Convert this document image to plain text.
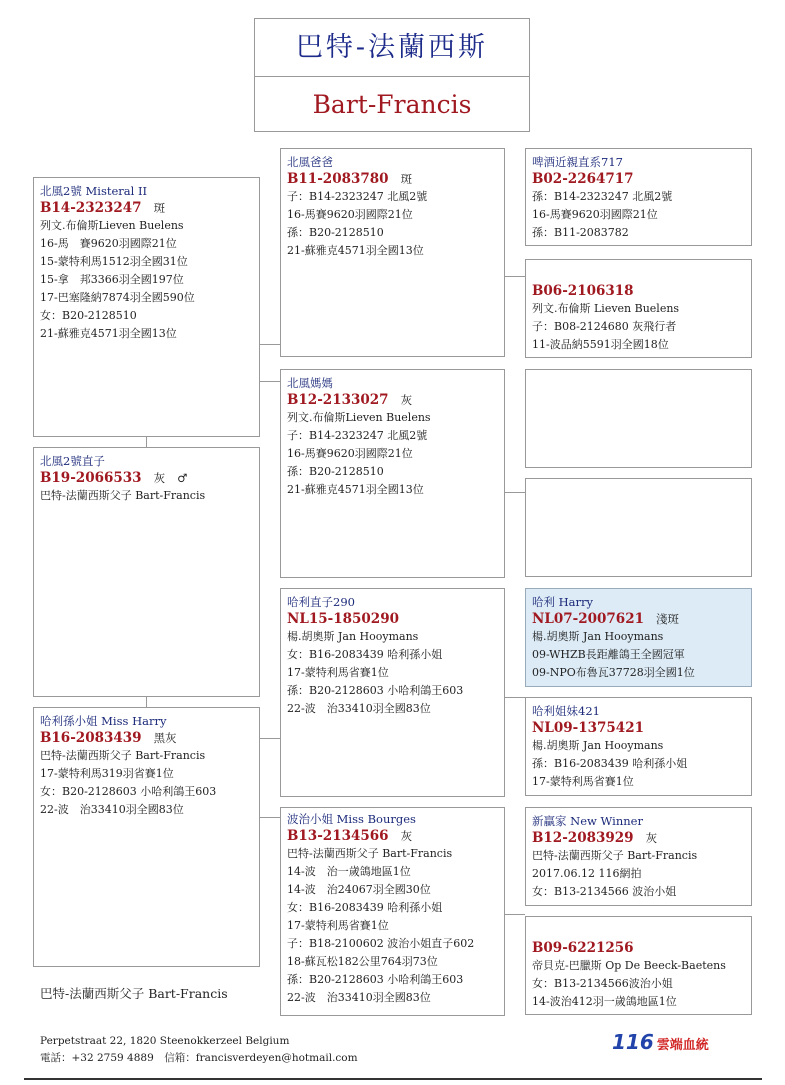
巴特-法蘭西斯
Bart-Francis
北風2號 Misteral II
B14-2323247 斑
列文.布倫斯Lieven Buelens
16-馬　賽9620羽國際21位
15-蒙特利馬1512羽全國31位
15-拿　邦3366羽全國197位
17-巴塞隆納7874羽全國590位
女：B20-2128510
21-蘇雅克4571羽全國13位
北風2號直子
B19-2066533 灰 ♂
巴特-法蘭西斯父子 Bart-Francis
哈利孫小姐 Miss Harry
B16-2083439 黑灰
巴特-法蘭西斯父子 Bart-Francis
17-蒙特利馬319羽省賽1位
女：B20-2128603 小哈利鴿王603
22-波　治33410羽全國83位
北風爸爸
B11-2083780 斑
子：B14-2323247 北風2號
16-馬賽9620羽國際21位
孫：B20-2128510
21-蘇雅克4571羽全國13位
北風媽媽
B12-2133027 灰
列文.布倫斯Lieven Buelens
子：B14-2323247 北風2號
16-馬賽9620羽國際21位
孫：B20-2128510
21-蘇雅克4571羽全國13位
哈利直子290
NL15-1850290
楊.胡奧斯 Jan Hooymans
女：B16-2083439 哈利孫小姐
17-蒙特利馬省賽1位
孫：B20-2128603 小哈利鴿王603
22-波　治33410羽全國83位
波治小姐 Miss Bourges
B13-2134566 灰
巴特-法蘭西斯父子 Bart-Francis
14-波　治一歲鴿地區1位
14-波　治24067羽全國30位
女：B16-2083439 哈利孫小姐
17-蒙特利馬省賽1位
子：B18-2100602 波治小姐直子602
18-蘇瓦松182公里764羽73位
孫：B20-2128603 小哈利鴿王603
22-波　治33410羽全國83位
啤酒近親直系717
B02-2264717
孫：B14-2323247 北風2號
16-馬賽9620羽國際21位
孫：B11-2083782
B06-2106318
列文.布倫斯 Lieven Buelens
子：B08-2124680 灰飛行者
11-波品納5591羽全國18位
哈利 Harry
NL07-2007621 淺斑
楊.胡奧斯 Jan Hooymans
09-WHZB長距離鴿王全國冠軍
09-NPO布魯瓦37728羽全國1位
哈利姐妹421
NL09-1375421
楊.胡奧斯 Jan Hooymans
孫：B16-2083439 哈利孫小姐
17-蒙特利馬省賽1位
新贏家 New Winner
B12-2083929 灰
巴特-法蘭西斯父子 Bart-Francis
2017.06.12 116網拍
女：B13-2134566 波治小姐
B09-6221256
帝貝克-巴臘斯 Op De Beeck-Baetens
女：B13-2134566波治小姐
14-波治412羽一歲鴿地區1位
巴特-法蘭西斯父子 Bart-Francis
Perpetstraat 22, 1820 Steenokkerzeel Belgium
電話：+32 2759 4889　信箱：francisverdeyen@hotmail.com
116 雲端血統
